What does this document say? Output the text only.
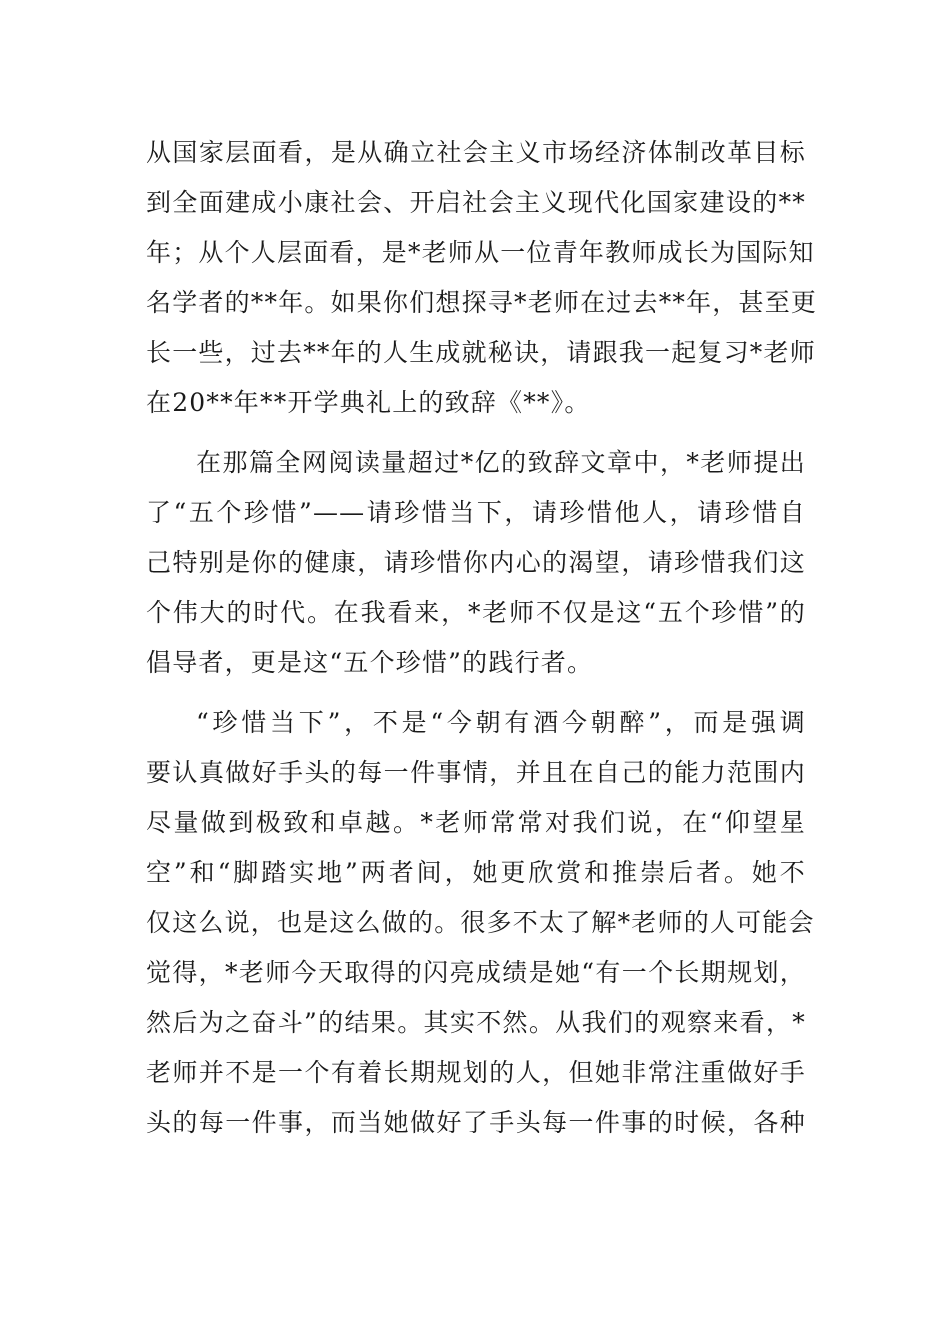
从国家层面看，是从确立社会主义市场经济体制改革目标
到全面建成小康社会、开启社会主义现代化国家建设的**
年；从个人层面看，是*老师从一位青年教师成长为国际知
名学者的**年。如果你们想探寻*老师在过去**年，甚至更
长一些，过去**年的人生成就秘诀，请跟我一起复习*老师
在20**年**开学典礼上的致辞《**》。
在那篇全网阅读量超过*亿的致辞文章中，*老师提出
了“五个珍惜”——请珍惜当下，请珍惜他人，请珍惜自
己特别是你的健康，请珍惜你内心的渴望，请珍惜我们这
个伟大的时代。在我看来，*老师不仅是这“五个珍惜”的
倡导者，更是这“五个珍惜”的践行者。
“珍惜当下”，不是“今朝有酒今朝醉”，而是强调
要认真做好手头的每一件事情，并且在自己的能力范围内
尽量做到极致和卓越。*老师常常对我们说，在“仰望星
空”和“脚踏实地”两者间，她更欣赏和推崇后者。她不
仅这么说，也是这么做的。很多不太了解*老师的人可能会
觉得，*老师今天取得的闪亮成绩是她“有一个长期规划，
然后为之奋斗”的结果。其实不然。从我们的观察来看，*
老师并不是一个有着长期规划的人，但她非常注重做好手
头的每一件事，而当她做好了手头每一件事的时候，各种
